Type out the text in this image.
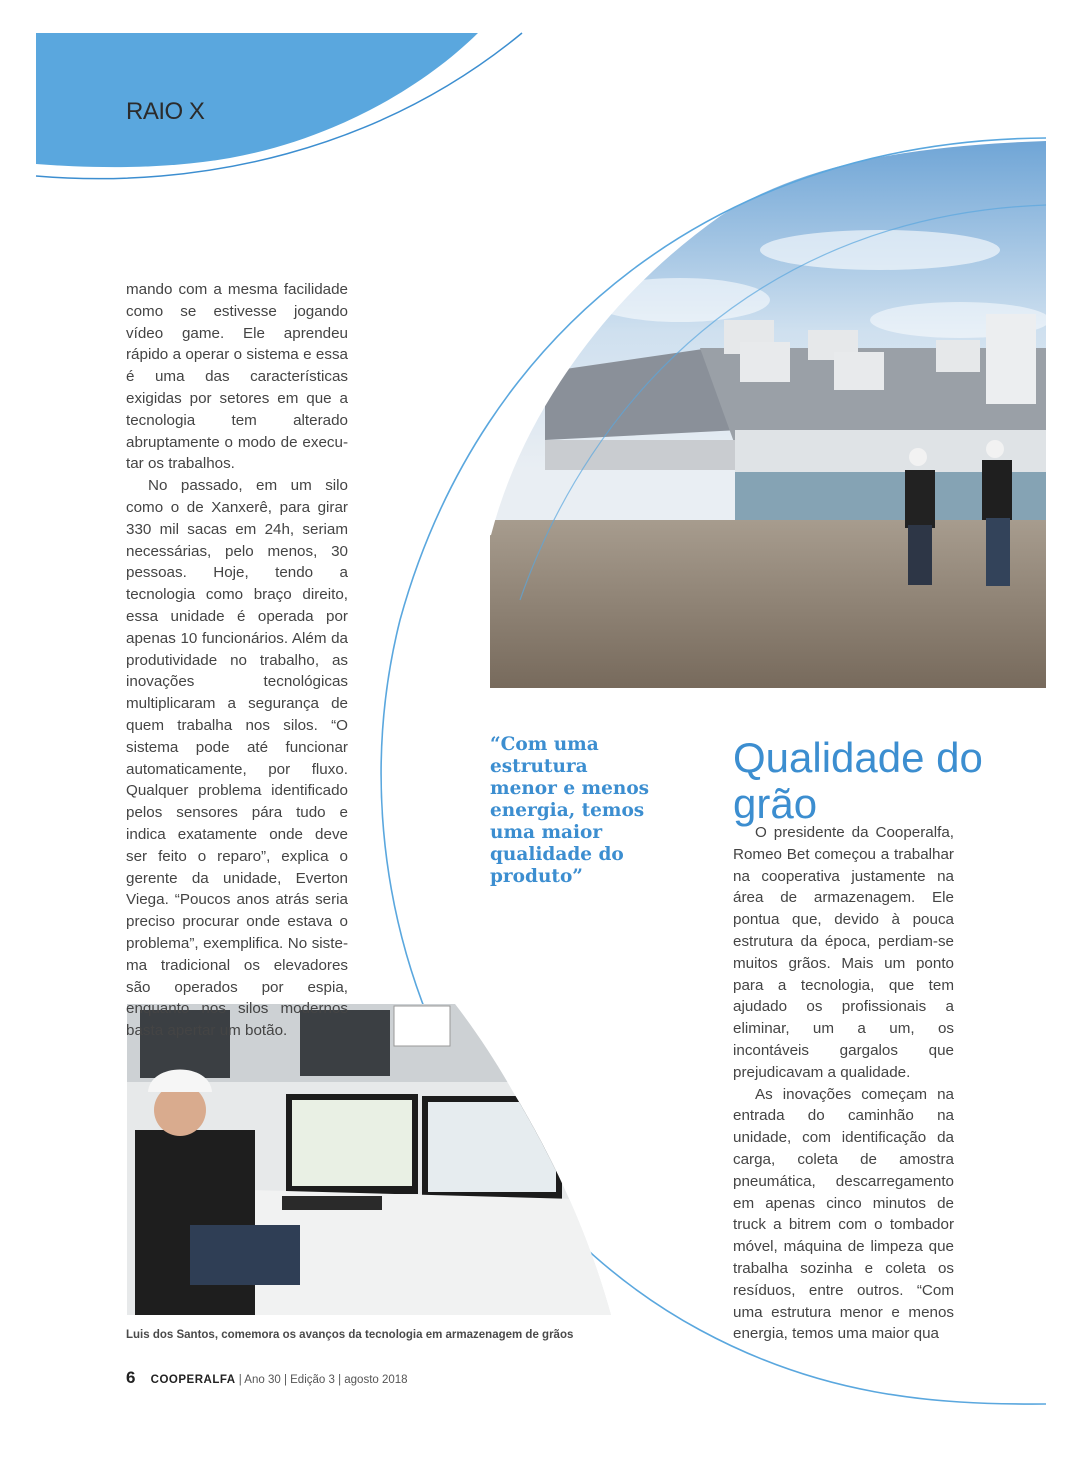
RAIO X

mando com a mesma facilidade como se estivesse jogando vídeo game. Ele aprendeu rápido a operar o sistema e essa é uma das características exigidas por setores em que a tecnologia tem alterado abruptamente o modo de executar os trabalhos.

No passado, em um silo como o de Xanxerê, para girar 330 mil sacas em 24h, seriam necessárias, pelo menos, 30 pessoas. Hoje, tendo a tecnologia como braço direito, essa unidade é operada por apenas 10 funcionários. Além da produtividade no trabalho, as inovações tecnológicas multiplicaram a segurança de quem trabalha nos silos. “O sistema pode até funcionar automaticamente, por fluxo. Qualquer problema identificado pelos sensores pára tudo e indica exatamente onde deve ser feito o reparo”, explica o gerente da unidade, Everton Viega. “Poucos anos atrás seria preciso procurar onde estava o problema”, exemplifica. No sistema tradicional os elevadores são operados por espia, enquanto nos silos modernos basta apertar um botão.

“Com uma estrutura menor e menos energia, temos uma maior qualidade do produto”
Qualidade do grão

O presidente da Cooperalfa, Romeo Bet começou a trabalhar na cooperativa justamente na área de armazenagem. Ele pontua que, devido à pouca estrutura da época, perdiam-se muitos grãos. Mais um ponto para a tecnologia, que tem ajudado os profissionais a eliminar, um a um, os incontáveis gargalos que prejudicavam a qualidade.

As inovações começam na entrada do caminhão na unidade, com identificação da carga, coleta de amostra pneumática, descarregamento em apenas cinco minutos de truck a bitrem com o tombador móvel, máquina de limpeza que trabalha sozinha e coleta os resíduos, entre outros. “Com uma estrutura menor e menos energia, temos uma maior qua

Luis dos Santos, comemora os avanços da tecnologia em armazenagem de grãos
6 COOPERALFA | Ano 30 | Edição 3 | agosto 2018
